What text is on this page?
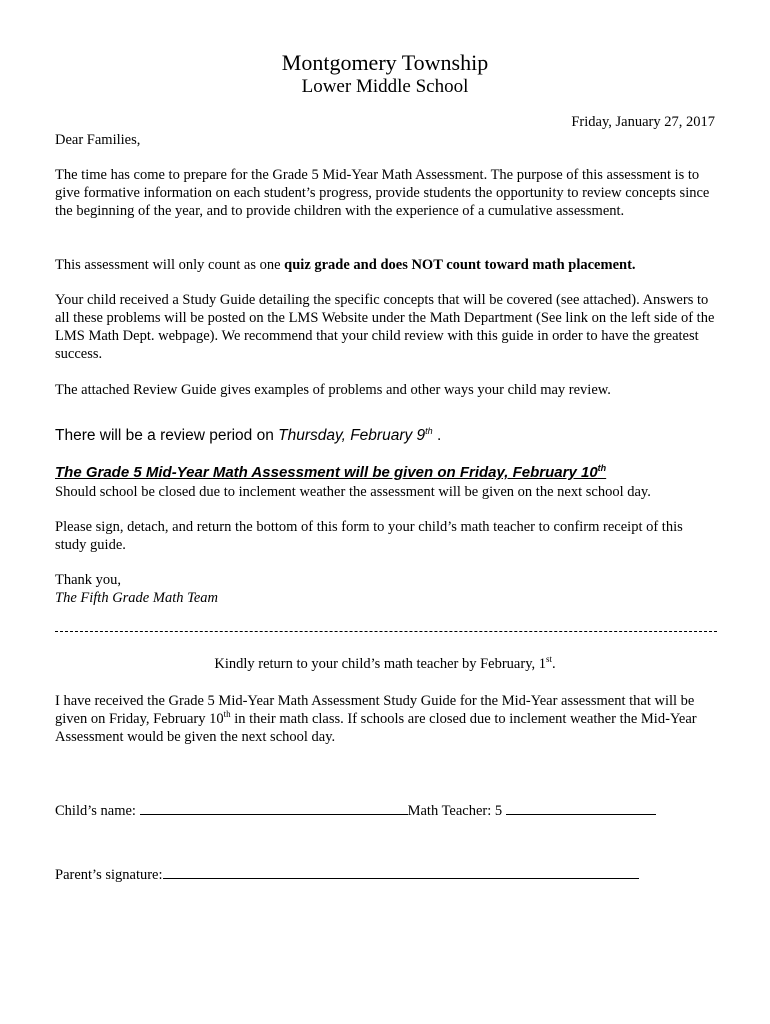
Montgomery Township
Lower Middle School
Friday, January 27, 2017

Dear Families,

The time has come to prepare for the Grade 5 Mid-Year Math Assessment. The purpose of this assessment is to give formative information on each student’s progress, provide students the opportunity to review concepts since the beginning of the year, and to provide children with the experience of a cumulative assessment.

This assessment will only count as one quiz grade and does NOT count toward math placement.

Your child received a Study Guide detailing the specific concepts that will be covered (see attached). Answers to all these problems will be posted on the LMS Website under the Math Department (See link on the left side of the LMS Math Dept. webpage). We recommend that your child review with this guide in order to have the greatest success.

The attached Review Guide gives examples of problems and other ways your child may review.

There will be a review period on Thursday, February 9th .

The Grade 5 Mid-Year Math Assessment will be given on Friday, February 10th

Should school be closed due to inclement weather the assessment will be given on the next school day.

Please sign, detach, and return the bottom of this form to your child’s math teacher to confirm receipt of this study guide.

Thank you,

The Fifth Grade Math Team

Kindly return to your child’s math teacher by February, 1st.

I have received the Grade 5 Mid-Year Math Assessment Study Guide for the Mid-Year assessment that will be given on Friday, February 10th in their math class. If schools are closed due to inclement weather the Mid-Year Assessment would be given the next school day.

Child’s name:	Math Teacher: 5
Parent’s signature:
